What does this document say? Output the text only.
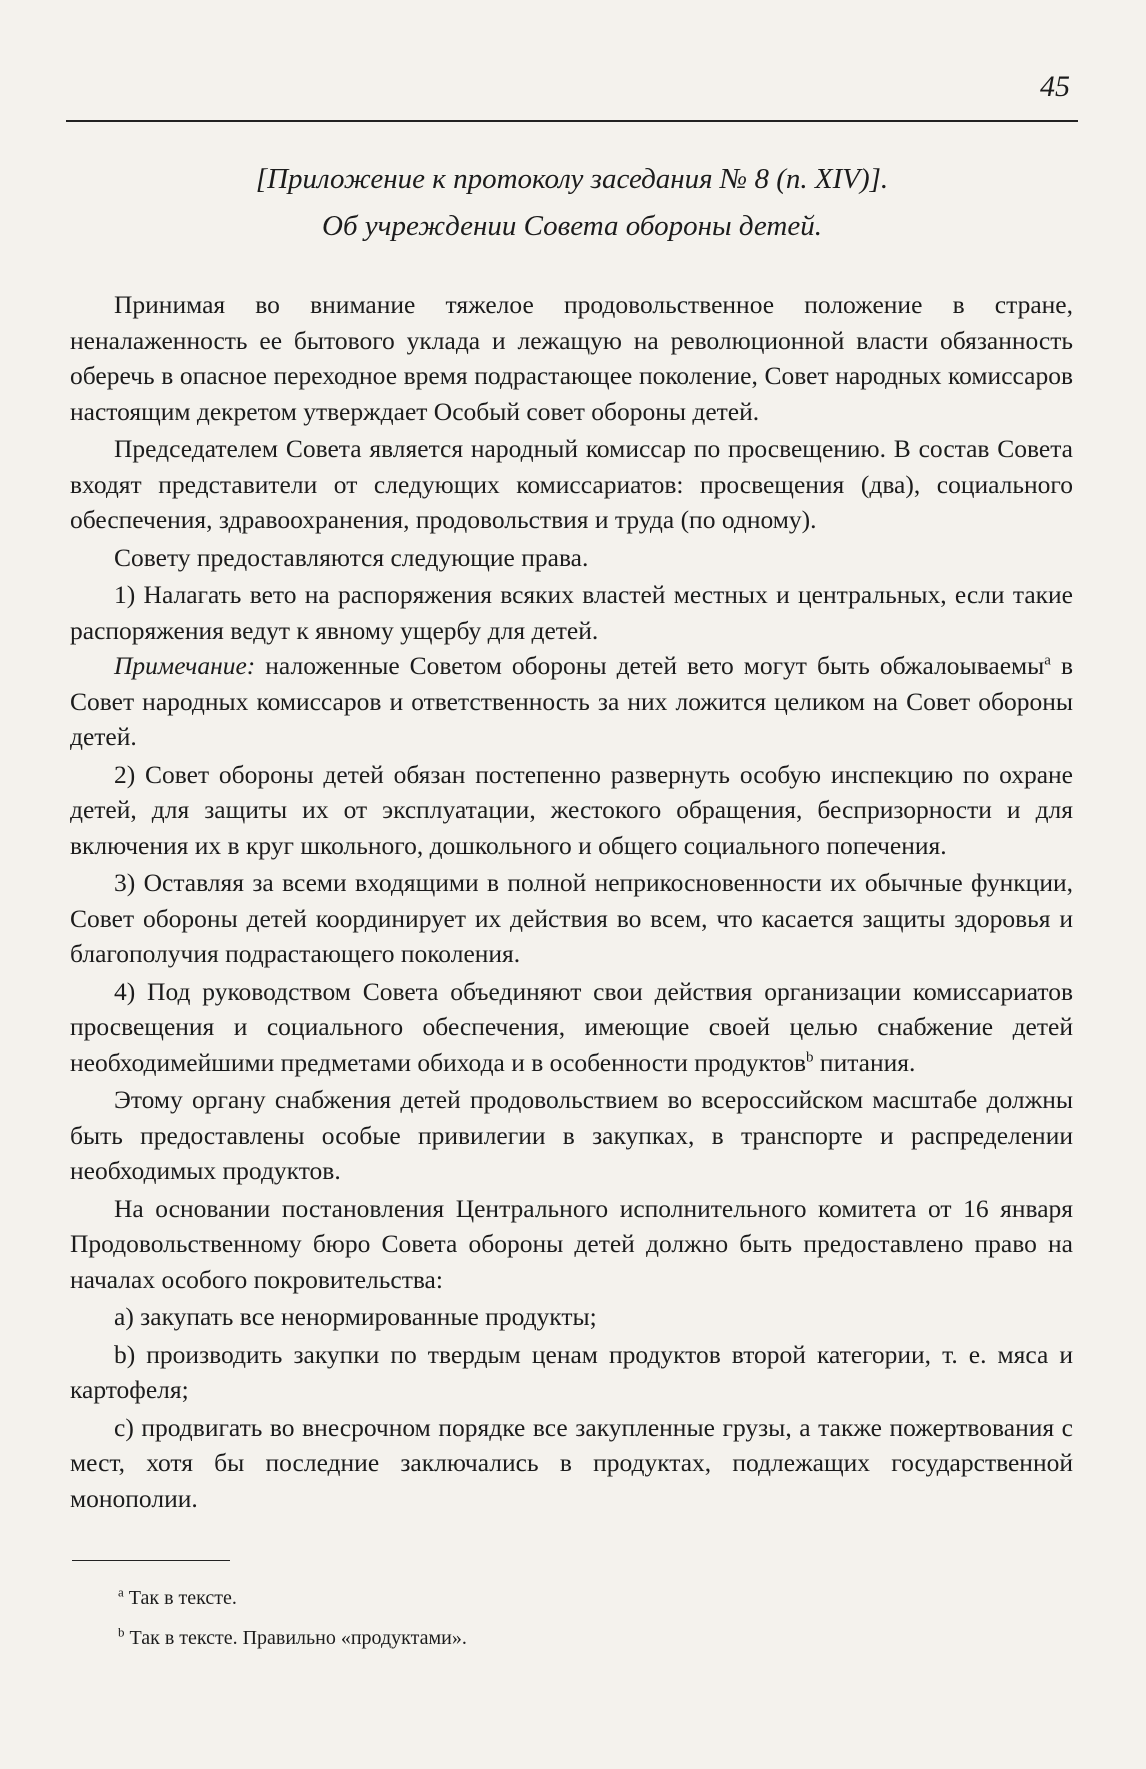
45
[Приложение к протоколу заседания № 8 (п. XIV)].
Об учреждении Совета обороны детей.

Принимая во внимание тяжелое продовольственное положение в стране, неналаженность ее бытового уклада и лежащую на революционной власти обязанность оберечь в опасное переходное время подрастающее поколение, Совет народных комиссаров настоящим декретом утверждает Особый совет обороны детей.

Председателем Совета является народный комиссар по просвещению. В состав Совета входят представители от следующих комиссариатов: просвещения (два), социального обеспечения, здравоохранения, продовольствия и труда (по одному).

Совету предоставляются следующие права.

1) Налагать вето на распоряжения всяких властей местных и центральных, если такие распоряжения ведут к явному ущербу для детей.

Примечание: наложенные Советом обороны детей вето могут быть обжалоываемы$^a$ в Совет народных комиссаров и ответственность за них ложится целиком на Совет обороны детей.

2) Совет обороны детей обязан постепенно развернуть особую инспекцию по охране детей, для защиты их от эксплуатации, жестокого обращения, беспризорности и для включения их в круг школьного, дошкольного и общего социального попечения.

3) Оставляя за всеми входящими в полной неприкосновенности их обычные функции, Совет обороны детей координирует их действия во всем, что касается защиты здоровья и благополучия подрастающего поколения.

4) Под руководством Совета объединяют свои действия организации комиссариатов просвещения и социального обеспечения, имеющие своей целью снабжение детей необходимейшими предметами обихода и в особенности продуктов$^b$ питания.

Этому органу снабжения детей продовольствием во всероссийском масштабе должны быть предоставлены особые привилегии в закупках, в транспорте и распределении необходимых продуктов.

На основании постановления Центрального исполнительного комитета от 16 января Продовольственному бюро Совета обороны детей должно быть предоставлено право на началах особого покровительства:

а) закупать все ненормированные продукты;

b) производить закупки по твердым ценам продуктов второй категории, т. е. мяса и картофеля;

с) продвигать во внесрочном порядке все закупленные грузы, а также пожертвования с мест, хотя бы последние заключались в продуктах, подлежащих государственной монополии.

$^a$ Так в тексте.
$^b$ Так в тексте. Правильно «продуктами».
